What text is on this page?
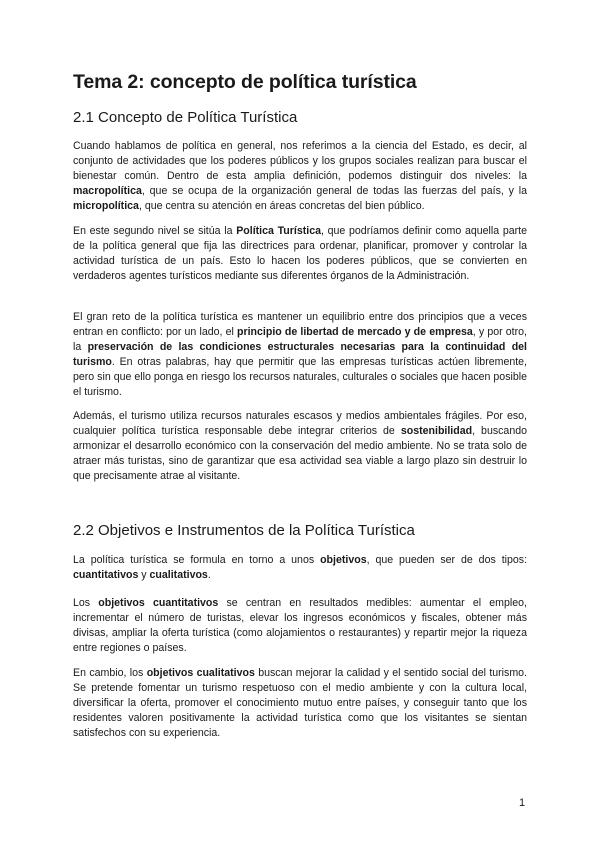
Tema 2: concepto de política turística
2.1 Concepto de Política Turística

Cuando hablamos de política en general, nos referimos a la ciencia del Estado, es decir, al conjunto de actividades que los poderes públicos y los grupos sociales realizan para buscar el bienestar común. Dentro de esta amplia definición, podemos distinguir dos niveles: la macropolítica, que se ocupa de la organización general de todas las fuerzas del país, y la micropolítica, que centra su atención en áreas concretas del bien público.

En este segundo nivel se sitúa la Política Turística, que podríamos definir como aquella parte de la política general que fija las directrices para ordenar, planificar, promover y controlar la actividad turística de un país. Esto lo hacen los poderes públicos, que se convierten en verdaderos agentes turísticos mediante sus diferentes órganos de la Administración.

El gran reto de la política turística es mantener un equilibrio entre dos principios que a veces entran en conflicto: por un lado, el principio de libertad de mercado y de empresa, y por otro, la preservación de las condiciones estructurales necesarias para la continuidad del turismo. En otras palabras, hay que permitir que las empresas turísticas actúen libremente, pero sin que ello ponga en riesgo los recursos naturales, culturales o sociales que hacen posible el turismo.

Además, el turismo utiliza recursos naturales escasos y medios ambientales frágiles. Por eso, cualquier política turística responsable debe integrar criterios de sostenibilidad, buscando armonizar el desarrollo económico con la conservación del medio ambiente. No se trata solo de atraer más turistas, sino de garantizar que esa actividad sea viable a largo plazo sin destruir lo que precisamente atrae al visitante.

2.2 Objetivos e Instrumentos de la Política Turística

La política turística se formula en torno a unos objetivos, que pueden ser de dos tipos: cuantitativos y cualitativos.

Los objetivos cuantitativos se centran en resultados medibles: aumentar el empleo, incrementar el número de turistas, elevar los ingresos económicos y fiscales, obtener más divisas, ampliar la oferta turística (como alojamientos o restaurantes) y repartir mejor la riqueza entre regiones o países.

En cambio, los objetivos cualitativos buscan mejorar la calidad y el sentido social del turismo. Se pretende fomentar un turismo respetuoso con el medio ambiente y con la cultura local, diversificar la oferta, promover el conocimiento mutuo entre países, y conseguir tanto que los residentes valoren positivamente la actividad turística como que los visitantes se sientan satisfechos con su experiencia.

1
